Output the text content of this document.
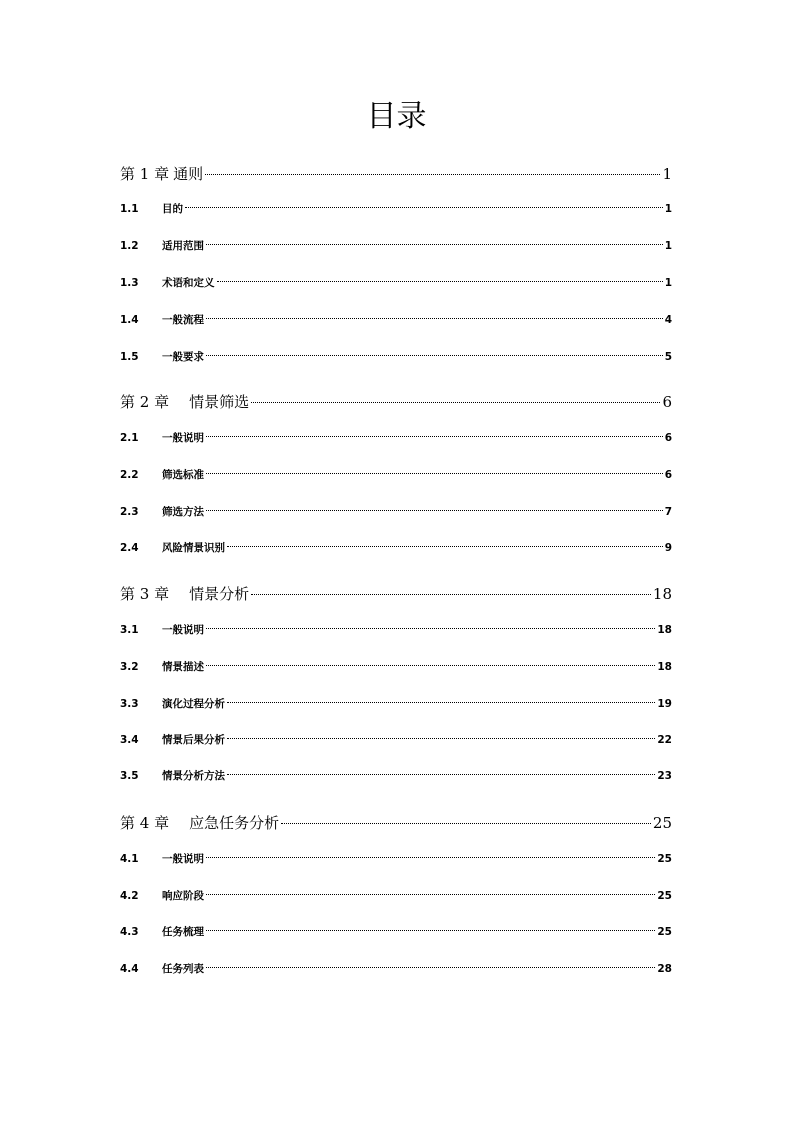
目录
第 1 章 通则	1
1.1	目的	1
1.2	适用范围	1
1.3	术语和定义	1
1.4	一般流程	4
1.5	一般要求	5
第 2 章 情景筛选	6
2.1	一般说明	6
2.2	筛选标准	6
2.3	筛选方法	7
2.4	风险情景识别	9
第 3 章 情景分析	18
3.1	一般说明	18
3.2	情景描述	18
3.3	演化过程分析	19
3.4	情景后果分析	22
3.5	情景分析方法	23
第 4 章 应急任务分析	25
4.1	一般说明	25
4.2	响应阶段	25
4.3	任务梳理	25
4.4	任务列表	28
